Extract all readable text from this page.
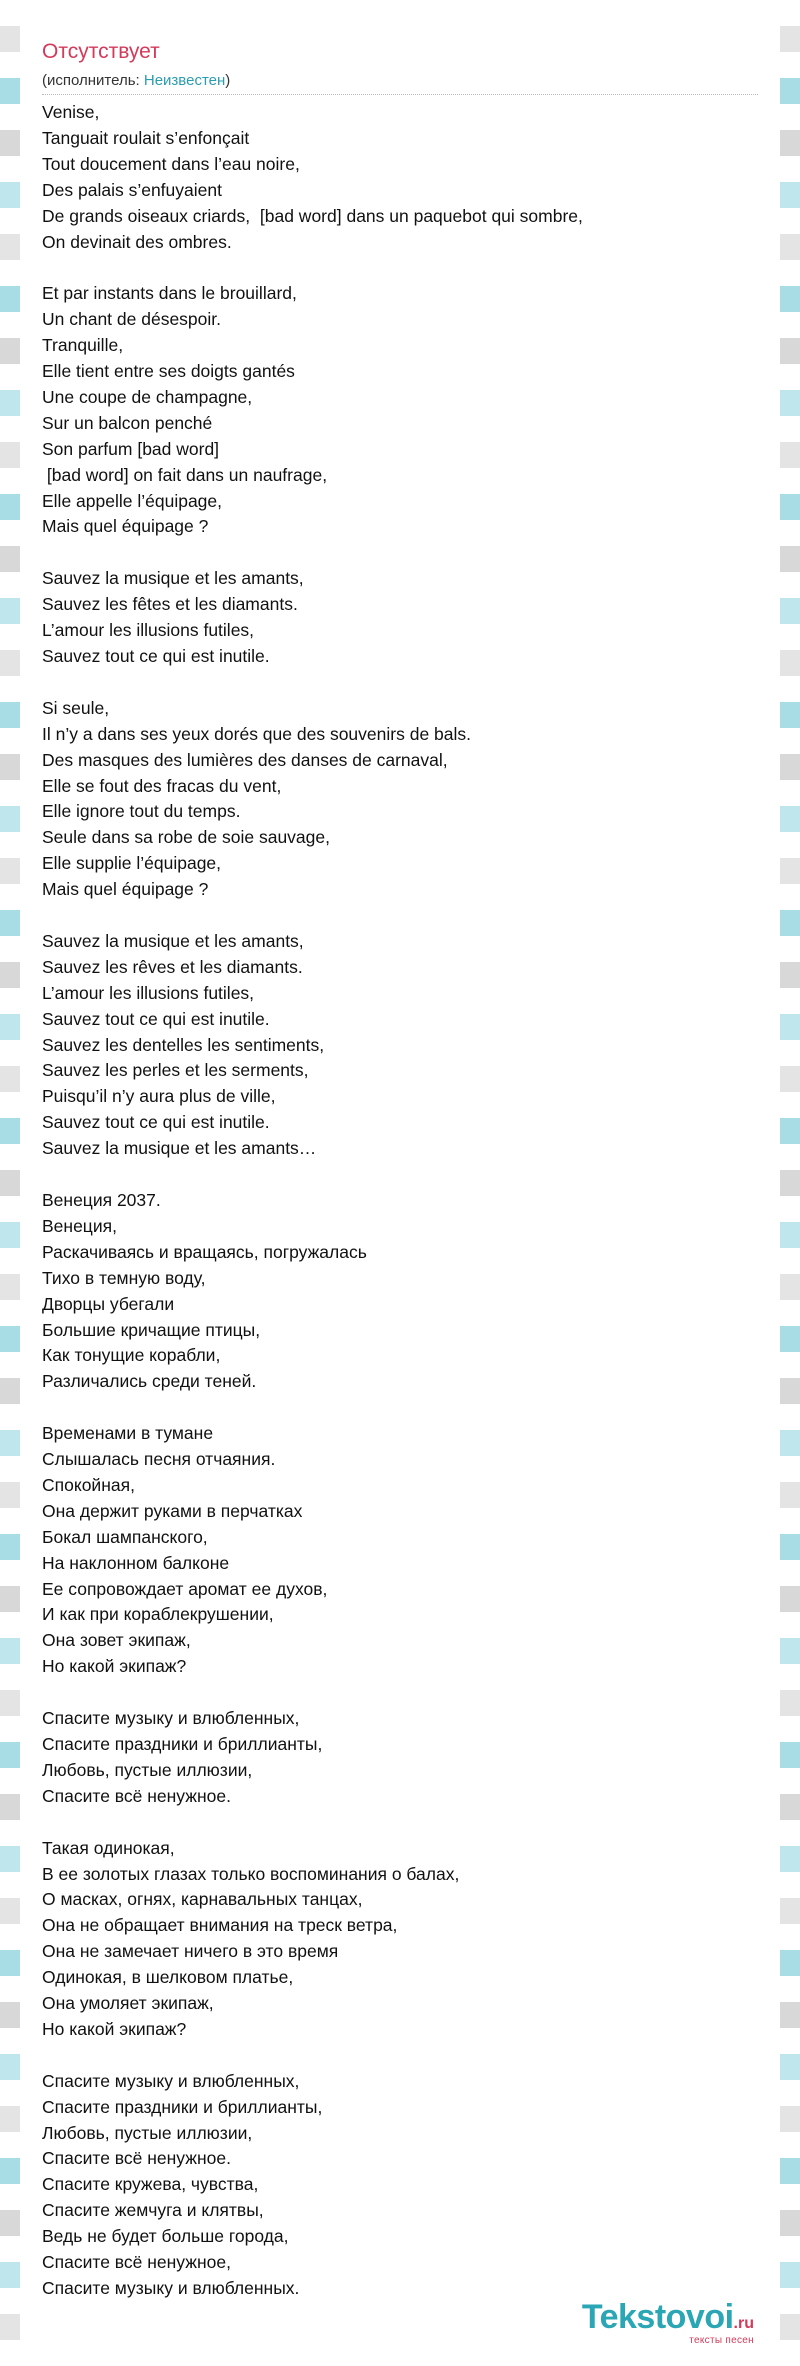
Отсутствует
(исполнитель: Неизвестен)
Venise,
Tanguait roulait s’enfonçait
Tout doucement dans l’eau noire,
Des palais s’enfuyaient
De grands oiseaux criards,  [bad word] dans un paquebot qui sombre,
On devinait des ombres.
Et par instants dans le brouillard,
Un chant de désespoir.
Tranquille,
Elle tient entre ses doigts gantés
Une coupe de champagne,
Sur un balcon penché
Son parfum [bad word]
[bad word] on fait dans un naufrage,
Elle appelle l’équipage,
Mais quel équipage ?
Sauvez la musique et les amants,
Sauvez les fêtes et les diamants.
L’amour les illusions futiles,
Sauvez tout ce qui est inutile.
Si seule,
Il n’y a dans ses yeux dorés que des souvenirs de bals.
Des masques des lumières des danses de carnaval,
Elle se fout des fracas du vent,
Elle ignore tout du temps.
Seule dans sa robe de soie sauvage,
Elle supplie l’équipage,
Mais quel équipage ?
Sauvez la musique et les amants,
Sauvez les rêves et les diamants.
L’amour les illusions futiles,
Sauvez tout ce qui est inutile.
Sauvez les dentelles les sentiments,
Sauvez les perles et les serments,
Puisqu’il n’y aura plus de ville,
Sauvez tout ce qui est inutile.
Sauvez la musique et les amants…
Венеция 2037.
Венеция,
Раскачиваясь и вращаясь, погружалась
Тихо в темную воду,
Дворцы убегали
Большие кричащие птицы,
Как тонущие корабли,
Различались среди теней.
Временами в тумане
Слышалась песня отчаяния.
Спокойная,
Она держит руками в перчатках
Бокал шампанского,
На наклонном балконе
Ее сопровождает аромат ее духов,
И как при кораблекрушении,
Она зовет экипаж,
Но какой экипаж?
Спасите музыку и влюбленных,
Спасите праздники и бриллианты,
Любовь, пустые иллюзии,
Спасите всё ненужное.
Такая одинокая,
В ее золотых глазах только воспоминания о балах,
О масках, огнях, карнавальных танцах,
Она не обращает внимания на треск ветра,
Она не замечает ничего в это время
Одинокая, в шелковом платье,
Она умоляет экипаж,
Но какой экипаж?
Спасите музыку и влюбленных,
Спасите праздники и бриллианты,
Любовь, пустые иллюзии,
Спасите всё ненужное.
Спасите кружева, чувства,
Спасите жемчуга и клятвы,
Ведь не будет больше города,
Спасите всё ненужное,
Спасите музыку и влюбленных.
Tekstovoi.ru
тексты песен
